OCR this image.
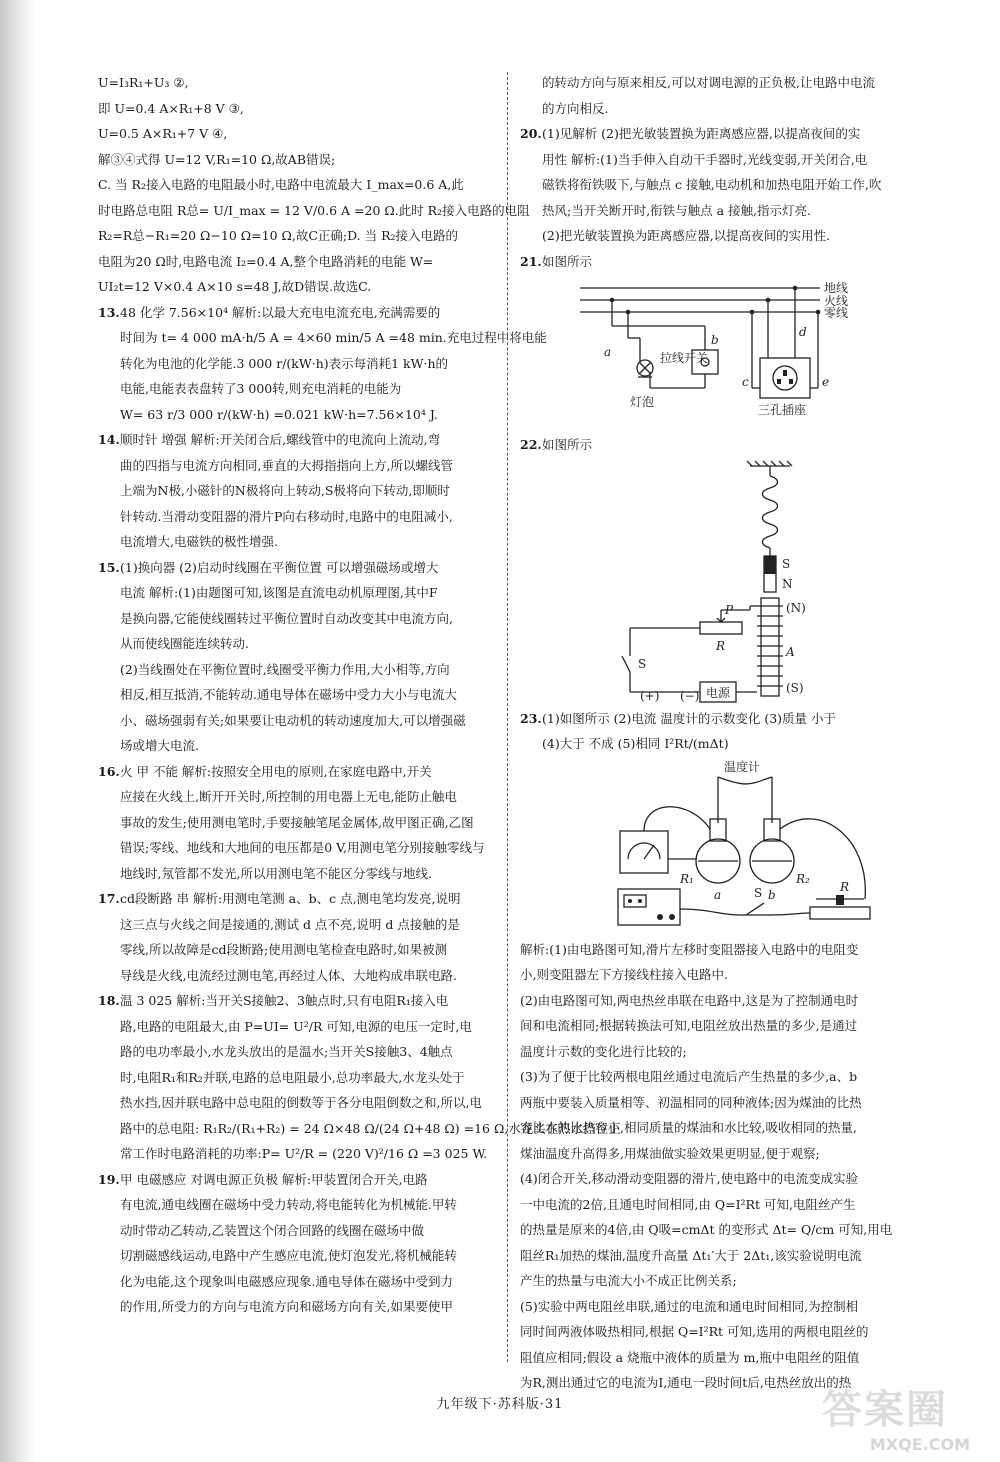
U=I₃R₁+U₃ ②,
即 U=0.4 A×R₁+8 V ③,
U=0.5 A×R₁+7 V ④,
解③④式得 U=12 V,R₁=10 Ω,故AB错误;
C. 当 R₂接入电路的电阻最小时,电路中电流最大 I_max=0.6 A,此
时电路总电阻 R总= U/I_max = 12 V/0.6 A =20 Ω.此时 R₂接入电路的电阻
R₂=R总−R₁=20 Ω−10 Ω=10 Ω,故C正确;D. 当 R₂接入电路的
电阻为20 Ω时,电路电流 I₂=0.4 A,整个电路消耗的电能 W=
UI₂t=12 V×0.4 A×10 s=48 J,故D错误.故选C.
13.48 化学 7.56×10⁴ 解析:以最大充电电流充电,充满需要的
时间为 t= 4 000 mA·h/5 A = 4×60 min/5 A =48 min.充电过程中将电能
转化为电池的化学能.3 000 r/(kW·h)表示每消耗1 kW·h的
电能,电能表表盘转了3 000转,则充电消耗的电能为
W= 63 r/3 000 r/(kW·h) =0.021 kW·h=7.56×10⁴ J.
14.顺时针 增强 解析:开关闭合后,螺线管中的电流向上流动,弯
曲的四指与电流方向相同,垂直的大拇指指向上方,所以螺线管
上端为N极,小磁针的N极将向上转动,S极将向下转动,即顺时
针转动.当滑动变阻器的滑片P向右移动时,电路中的电阻减小,
电流增大,电磁铁的极性增强.
15.(1)换向器 (2)启动时线圈在平衡位置 可以增强磁场或增大
电流 解析:(1)由题图可知,该图是直流电动机原理图,其中F
是换向器,它能使线圈转过平衡位置时自动改变其中电流方向,
从而使线圈能连续转动.
(2)当线圈处在平衡位置时,线圈受平衡力作用,大小相等,方向
相反,相互抵消,不能转动.通电导体在磁场中受力大小与电流大
小、磁场强弱有关;如果要让电动机的转动速度加大,可以增强磁
场或增大电流.
16.火 甲 不能 解析:按照安全用电的原则,在家庭电路中,开关
应接在火线上,断开开关时,所控制的用电器上无电,能防止触电
事故的发生;使用测电笔时,手要接触笔尾金属体,故甲图正确,乙图
错误;零线、地线和大地间的电压都是0 V,用测电笔分别接触零线与
地线时,氖管都不发光,所以用测电笔不能区分零线与地线.
17.cd段断路 串 解析:用测电笔测 a、b、c 点,测电笔均发亮,说明
这三点与火线之间是接通的,测试 d 点不亮,说明 d 点接触的是
零线,所以故障是cd段断路;使用测电笔检查电路时,如果被测
导线是火线,电流经过测电笔,再经过人体、大地构成串联电路.
18.温 3 025 解析:当开关S接触2、3触点时,只有电阻R₁接入电
路,电路的电阻最大,由 P=UI= U²/R 可知,电源的电压一定时,电
路的电功率最小,水龙头放出的是温水;当开关S接触3、4触点
时,电阻R₁和R₂并联,电路的总电阻最小,总功率最大,水龙头处于
热水挡,因并联电路中总电阻的倒数等于各分电阻倒数之和,所以,电
路中的总电阻: R₁R₂/(R₁+R₂) = 24 Ω×48 Ω/(24 Ω+48 Ω) =16 Ω,水龙头在热水挡位正
常工作时电路消耗的功率:P= U²/R = (220 V)²/16 Ω =3 025 W.
19.甲 电磁感应 对调电源正负极 解析:甲装置闭合开关,电路
有电流,通电线圈在磁场中受力转动,将电能转化为机械能.甲转
动时带动乙转动,乙装置这个闭合回路的线圈在磁场中做
切割磁感线运动,电路中产生感应电流,使灯泡发光,将机械能转
化为电能,这个现象叫电磁感应现象.通电导体在磁场中受到力
的作用,所受力的方向与电流方向和磁场方向有关,如果要使甲
的转动方向与原来相反,可以对调电源的正负极,让电路中电流
的方向相反.
20.(1)见解析 (2)把光敏装置换为距离感应器,以提高夜间的实
用性 解析:(1)当手伸入自动干手器时,光线变弱,开关闭合,电
磁铁将衔铁吸下,与触点 c 接触,电动机和加热电阻开始工作,吹
热风;当开关断开时,衔铁与触点 a 接触,指示灯亮.
(2)把光敏装置换为距离感应器,以提高夜间的实用性.
21.如图所示
地线
火线
零线
a
b
c
d
e
拉线开关
灯泡
三孔插座
22.如图所示
S
N
P
R
(N)
A
(S)
S
电源
(+) (−)
23.(1)如图所示 (2)电流 温度计的示数变化 (3)质量 小于
(4)大于 不成 (5)相同 I²Rt/(mΔt)
温度计
R₁	R₂
a	b
S	R
解析:(1)由电路图可知,滑片左移时变阻器接入电路中的电阻变
小,则变阻器左下方接线柱接入电路中.
(2)由电路图可知,两电热丝串联在电路中,这是为了控制通电时
间和电流相同;根据转换法可知,电阻丝放出热量的多少,是通过
温度计示数的变化进行比较的;
(3)为了便于比较两根电阻丝通过电流后产生热量的多少,a、b
两瓶中要装入质量相等、初温相同的同种液体;因为煤油的比热
容比水的比热容小,相同质量的煤油和水比较,吸收相同的热量,
煤油温度升高得多,用煤油做实验效果更明显,便于观察;
(4)闭合开关,移动滑动变阻器的滑片,使电路中的电流变成实验
一中电流的2倍,且通电时间相同,由 Q=I²Rt 可知,电阻丝产生
的热量是原来的4倍,由 Q吸=cmΔt 的变形式 Δt= Q/cm 可知,用电
阻丝R₁加热的煤油,温度升高量 Δt₁′大于 2Δt₁,该实验说明电流
产生的热量与电流大小不成正比例关系;
(5)实验中两电阻丝串联,通过的电流和通电时间相同,为控制相
同时间两液体吸热相同,根据 Q=I²Rt 可知,选用的两根电阻丝的
阻值应相同;假设 a 烧瓶中液体的质量为 m,瓶中电阻丝的阻值
为R,测出通过它的电流为I,通电一段时间t后,电热丝放出的热
九年级下·苏科版·31	答案圈
MXQE.COM
